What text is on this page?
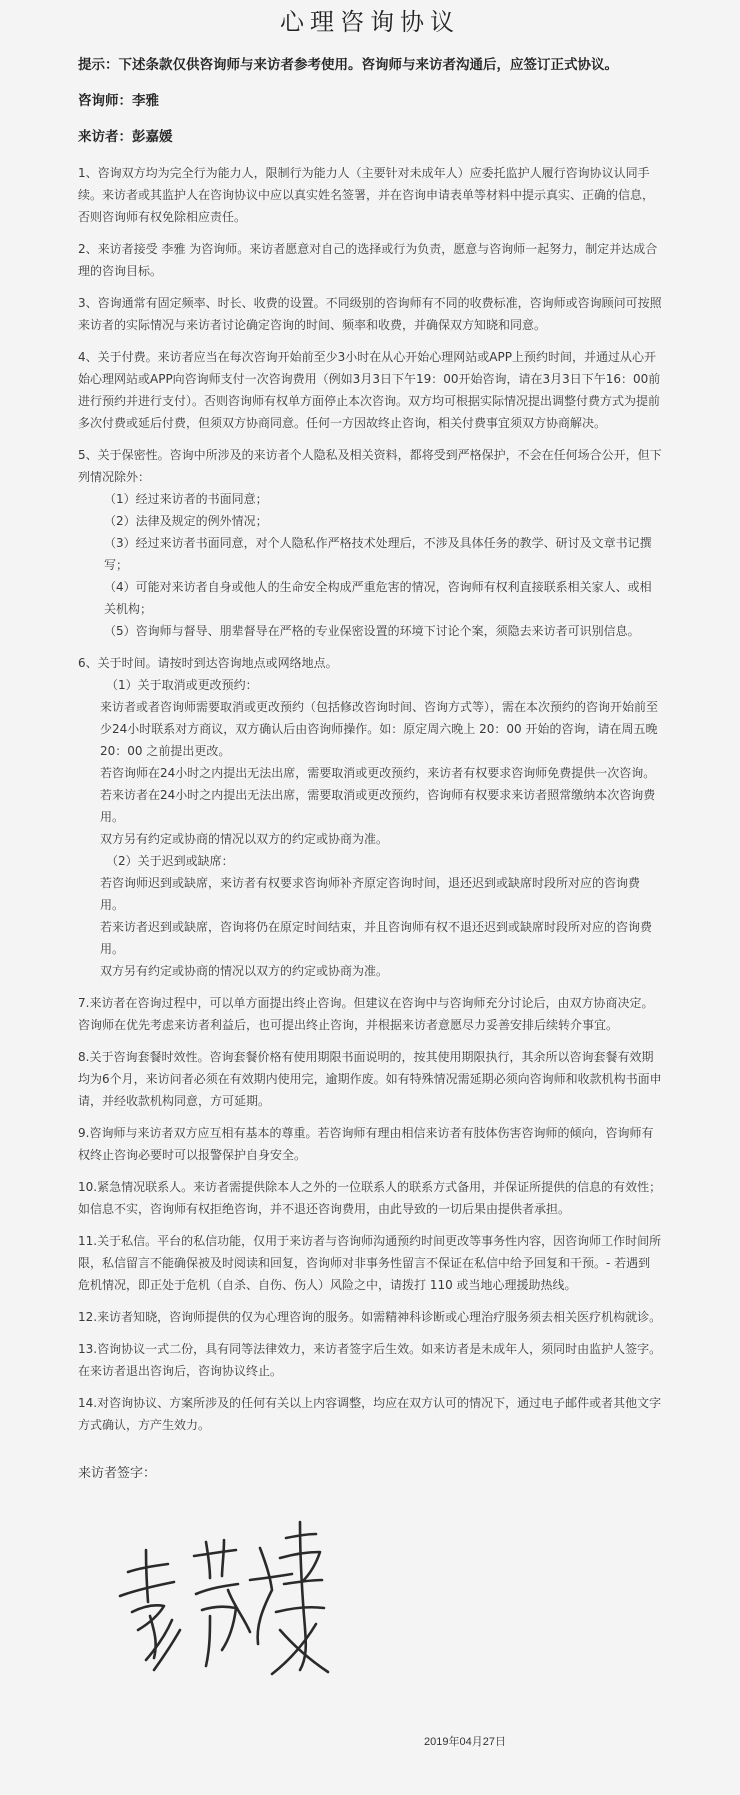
心理咨询协议
提示：下述条款仅供咨询师与来访者参考使用。咨询师与来访者沟通后，应签订正式协议。
咨询师：李雅
来访者：彭嘉媛
1、咨询双方均为完全行为能力人，限制行为能力人（主要针对未成年人）应委托监护人履行咨询协议认同手续。来访者或其监护人在咨询协议中应以真实姓名签署，并在咨询申请表单等材料中提示真实、正确的信息，否则咨询师有权免除相应责任。
2、来访者接受 李雅 为咨询师。来访者愿意对自己的选择或行为负责，愿意与咨询师一起努力，制定并达成合理的咨询目标。
3、咨询通常有固定频率、时长、收费的设置。不同级别的咨询师有不同的收费标准，咨询师或咨询顾问可按照来访者的实际情况与来访者讨论确定咨询的时间、频率和收费，并确保双方知晓和同意。
4、关于付费。来访者应当在每次咨询开始前至少3小时在从心开始心理网站或APP上预约时间，并通过从心开始心理网站或APP向咨询师支付一次咨询费用（例如3月3日下午19：00开始咨询，请在3月3日下午16：00前进行预约并进行支付）。否则咨询师有权单方面停止本次咨询。双方均可根据实际情况提出调整付费方式为提前多次付费或延后付费，但须双方协商同意。任何一方因故终止咨询，相关付费事宜须双方协商解决。
5、关于保密性。咨询中所涉及的来访者个人隐私及相关资料，都将受到严格保护，不会在任何场合公开，但下列情况除外：
（1）经过来访者的书面同意；
（2）法律及规定的例外情况；
（3）经过来访者书面同意，对个人隐私作严格技术处理后，不涉及具体任务的教学、研讨及文章书记撰写；
（4）可能对来访者自身或他人的生命安全构成严重危害的情况，咨询师有权利直接联系相关家人、或相关机构；
（5）咨询师与督导、朋辈督导在严格的专业保密设置的环境下讨论个案，须隐去来访者可识别信息。
6、关于时间。请按时到达咨询地点或网络地点。
（1）关于取消或更改预约：
来访者或者咨询师需要取消或更改预约（包括修改咨询时间、咨询方式等），需在本次预约的咨询开始前至少24小时联系对方商议，双方确认后由咨询师操作。如：原定周六晚上 20：00 开始的咨询，请在周五晚 20：00 之前提出更改。
若咨询师在24小时之内提出无法出席，需要取消或更改预约，来访者有权要求咨询师免费提供一次咨询。
若来访者在24小时之内提出无法出席，需要取消或更改预约，咨询师有权要求来访者照常缴纳本次咨询费用。
双方另有约定或协商的情况以双方的约定或协商为准。
（2）关于迟到或缺席：
若咨询师迟到或缺席，来访者有权要求咨询师补齐原定咨询时间，退还迟到或缺席时段所对应的咨询费用。
若来访者迟到或缺席，咨询将仍在原定时间结束，并且咨询师有权不退还迟到或缺席时段所对应的咨询费用。
双方另有约定或协商的情况以双方的约定或协商为准。
7.来访者在咨询过程中，可以单方面提出终止咨询。但建议在咨询中与咨询师充分讨论后，由双方协商决定。咨询师在优先考虑来访者利益后，也可提出终止咨询，并根据来访者意愿尽力妥善安排后续转介事宜。
8.关于咨询套餐时效性。咨询套餐价格有使用期限书面说明的，按其使用期限执行，其余所以咨询套餐有效期均为6个月，来访问者必须在有效期内使用完，逾期作废。如有特殊情况需延期必须向咨询师和收款机构书面申请，并经收款机构同意，方可延期。
9.咨询师与来访者双方应互相有基本的尊重。若咨询师有理由相信来访者有肢体伤害咨询师的倾向，咨询师有权终止咨询必要时可以报警保护自身安全。
10.紧急情况联系人。来访者需提供除本人之外的一位联系人的联系方式备用，并保证所提供的信息的有效性；如信息不实，咨询师有权拒绝咨询，并不退还咨询费用，由此导致的一切后果由提供者承担。
11.关于私信。平台的私信功能，仅用于来访者与咨询师沟通预约时间更改等事务性内容，因咨询师工作时间所限，私信留言不能确保被及时阅读和回复，咨询师对非事务性留言不保证在私信中给予回复和干预。- 若遇到危机情况，即正处于危机（自杀、自伤、伤人）风险之中，请拨打 110 或当地心理援助热线。
12.来访者知晓，咨询师提供的仅为心理咨询的服务。如需精神科诊断或心理治疗服务须去相关医疗机构就诊。
13.咨询协议一式二份，具有同等法律效力，来访者签字后生效。如来访者是未成年人，须同时由监护人签字。在来访者退出咨询后，咨询协议终止。
14.对咨询协议、方案所涉及的任何有关以上内容调整，均应在双方认可的情况下，通过电子邮件或者其他文字方式确认，方产生效力。
来访者签字：
2019年04月27日
